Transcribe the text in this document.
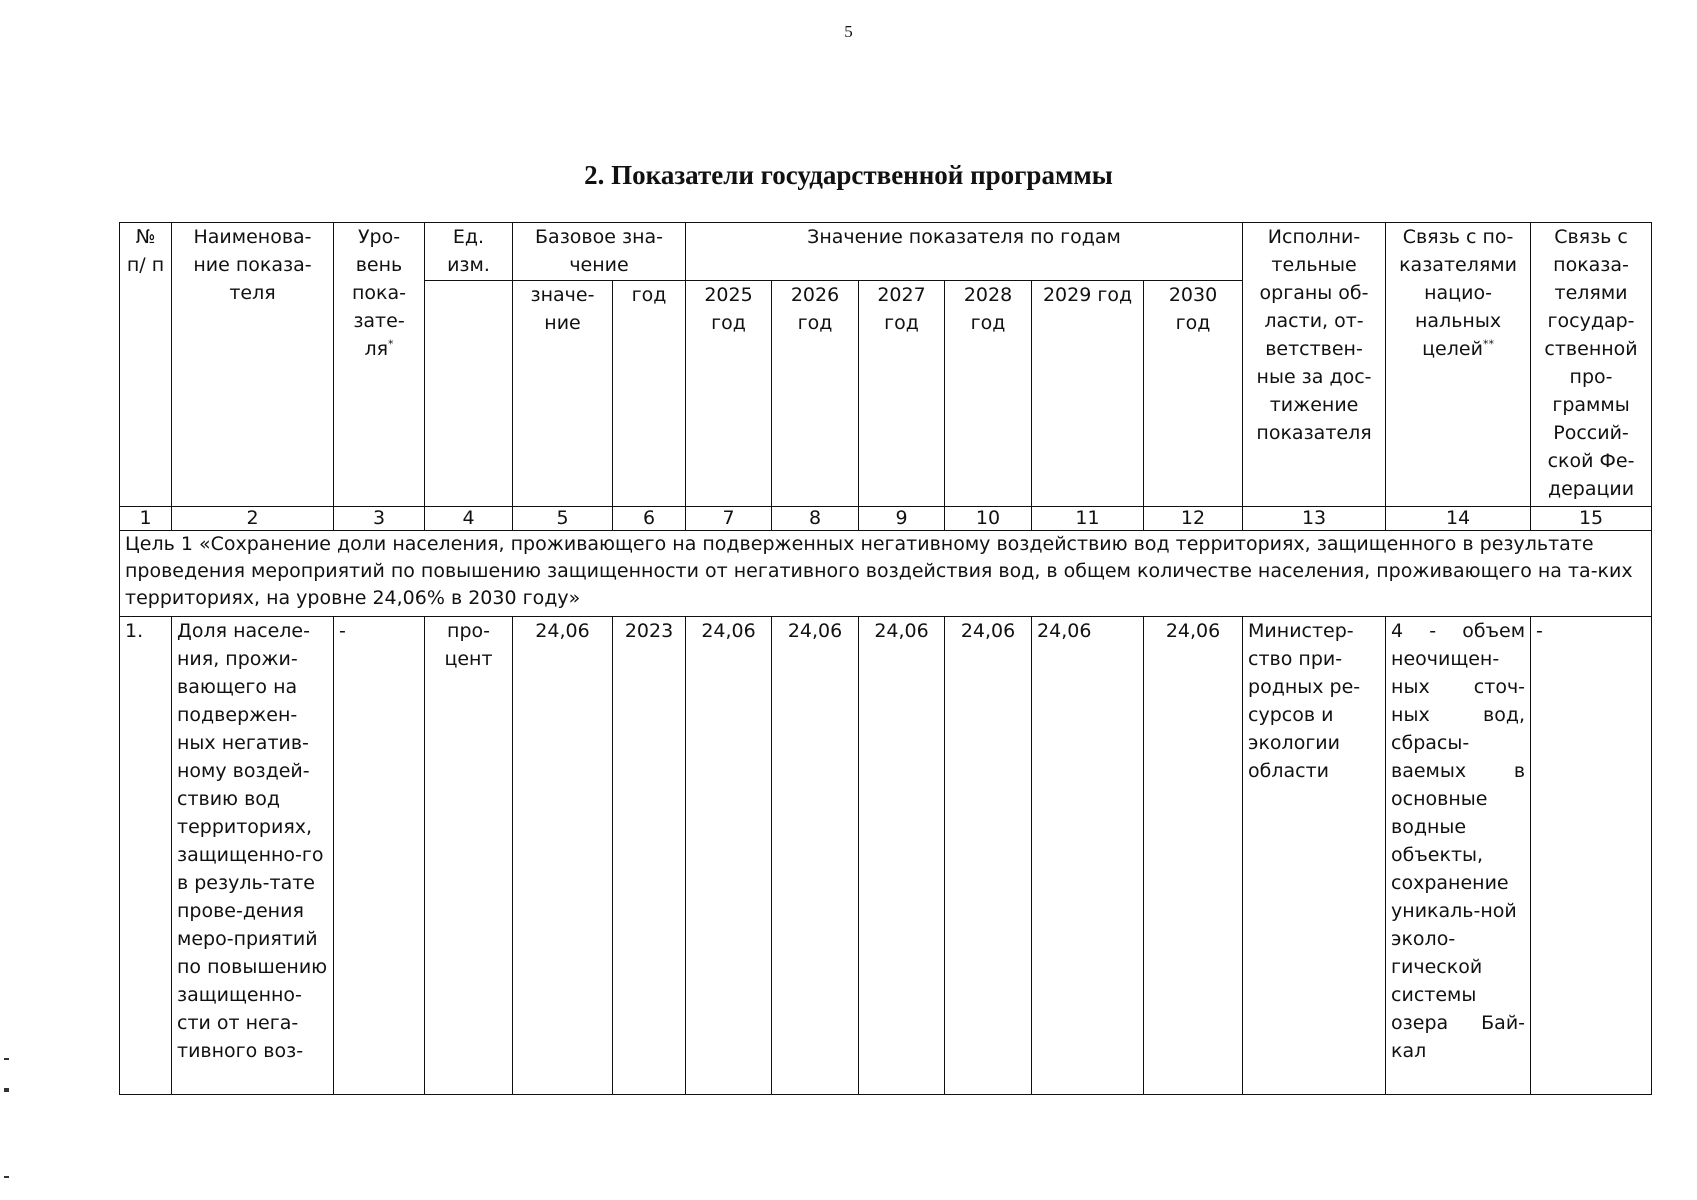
5
2. Показатели государственной программы
№ п/ п	Наименова-ние показа-теля	Уро-вень пока-зате-ля*	Ед. изм.	Базовое зна-чение		Значение показателя по годам						Исполни-тельные органы об-ласти, от-ветствен-ные за дос-тижение показателя	Связь с по-казателями нацио-нальных целей**	Связь с показа-телями государ-ственной про-граммы Россий-ской Фе-дерации
				значе-ние	год	2025 год	2026 год	2027 год	2028 год	2029 год	2030 год			
1	2	3	4	5	6	7	8	9	10	11	12	13	14	15
Цель 1 «Сохранение доли населения, проживающего на подверженных негативному воздействию вод территориях, защищенного в результате проведения мероприятий по повышению защищенности от негативного воздействия вод, в общем количестве населения, проживающего на та-ких территориях, на уровне 24,06% в 2030 году»														
1.	Доля населе-ния, прожи-вающего на подвержен-ных негатив-ному воздей-ствию вод территориях, защищенно-го в резуль-тате прове-дения меро-приятий по повышению защищенно-сти от нега-тивного воз-	-	про-цент	24,06	2023	24,06	24,06	24,06	24,06	24,06	24,06	Министер-ство при-родных ре-сурсов и экологии области	4 - объем неочищен-ных сточ-ных вод, сбрасы-ваемых в основные водные объекты, сохранение уникаль-ной эколо-гической системы озера Бай-кал	-
